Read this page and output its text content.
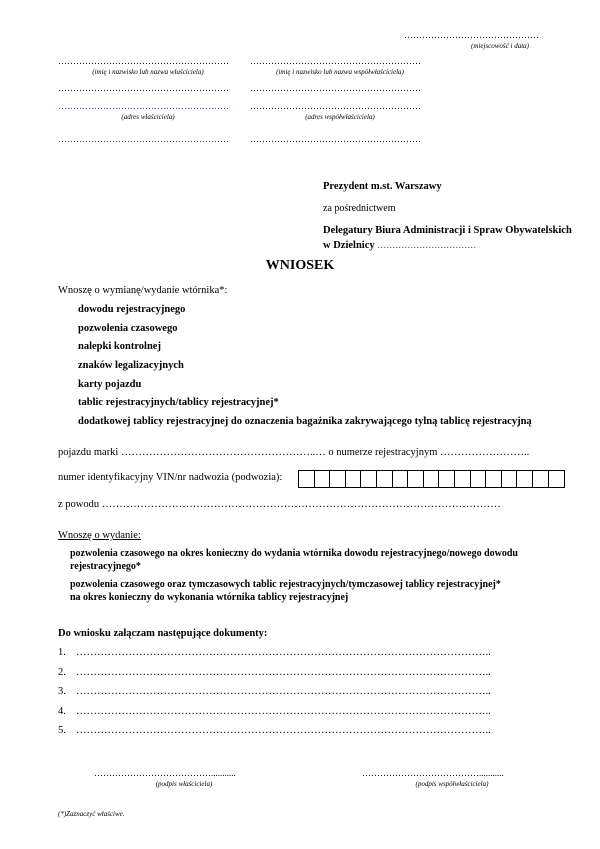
………………………………………
(miejscowość i data)
…………………………………………………
(imię i nazwisko lub nazwa właściciela)
…………………………………………………
…………………………………………………
(adres właściciela)
…………………………………………………
…………………………………………………
(imię i nazwisko lub nazwa współwłaściciela)
…………………………………………………
…………………………………………………
(adres współwłaściciela)
…………………………………………………
Prezydent m.st. Warszawy
za pośrednictwem
Delegatury Biura Administracji i Spraw Obywatelskich
w Dzielnicy ……………………………
WNIOSEK
Wnoszę o wymianę/wydanie wtórnika*:
dowodu rejestracyjnego
pozwolenia czasowego
nalepki kontrolnej
znaków legalizacyjnych
karty pojazdu
tablic rejestracyjnych/tablicy rejestracyjnej*
dodatkowej tablicy rejestracyjnej do oznaczenia bagażnika zakrywającego tylną tablicę rejestracyjną
pojazdu marki ………………………………………………..… o numerze rejestracyjnym ……………………..
numer identyfikacyjny VIN/nr nadwozia (podwozia):
z powodu ……………………………………………………………………………………………………
Wnoszę o wydanie:
pozwolenia czasowego na okres konieczny do wydania wtórnika dowodu rejestracyjnego/nowego dowodu
rejestracyjnego*
pozwolenia czasowego oraz tymczasowych tablic rejestracyjnych/tymczasowej tablicy rejestracyjnej*
na okres konieczny do wykonania wtórnika tablicy rejestracyjnej
Do wniosku załączam następujące dokumenty:
1. ………………………………………………………………………………………………………..
2. ………………………………………………………………………………………………………..
3. ………………………………………………………………………………………………………..
4. ………………………………………………………………………………………………………..
5. ………………………………………………………………………………………………………..
…………………………………...........
(podpis właściciela)
…………………………………...........
(podpis współwłaściciela)
(*)Zaznaczyć właściwe.
